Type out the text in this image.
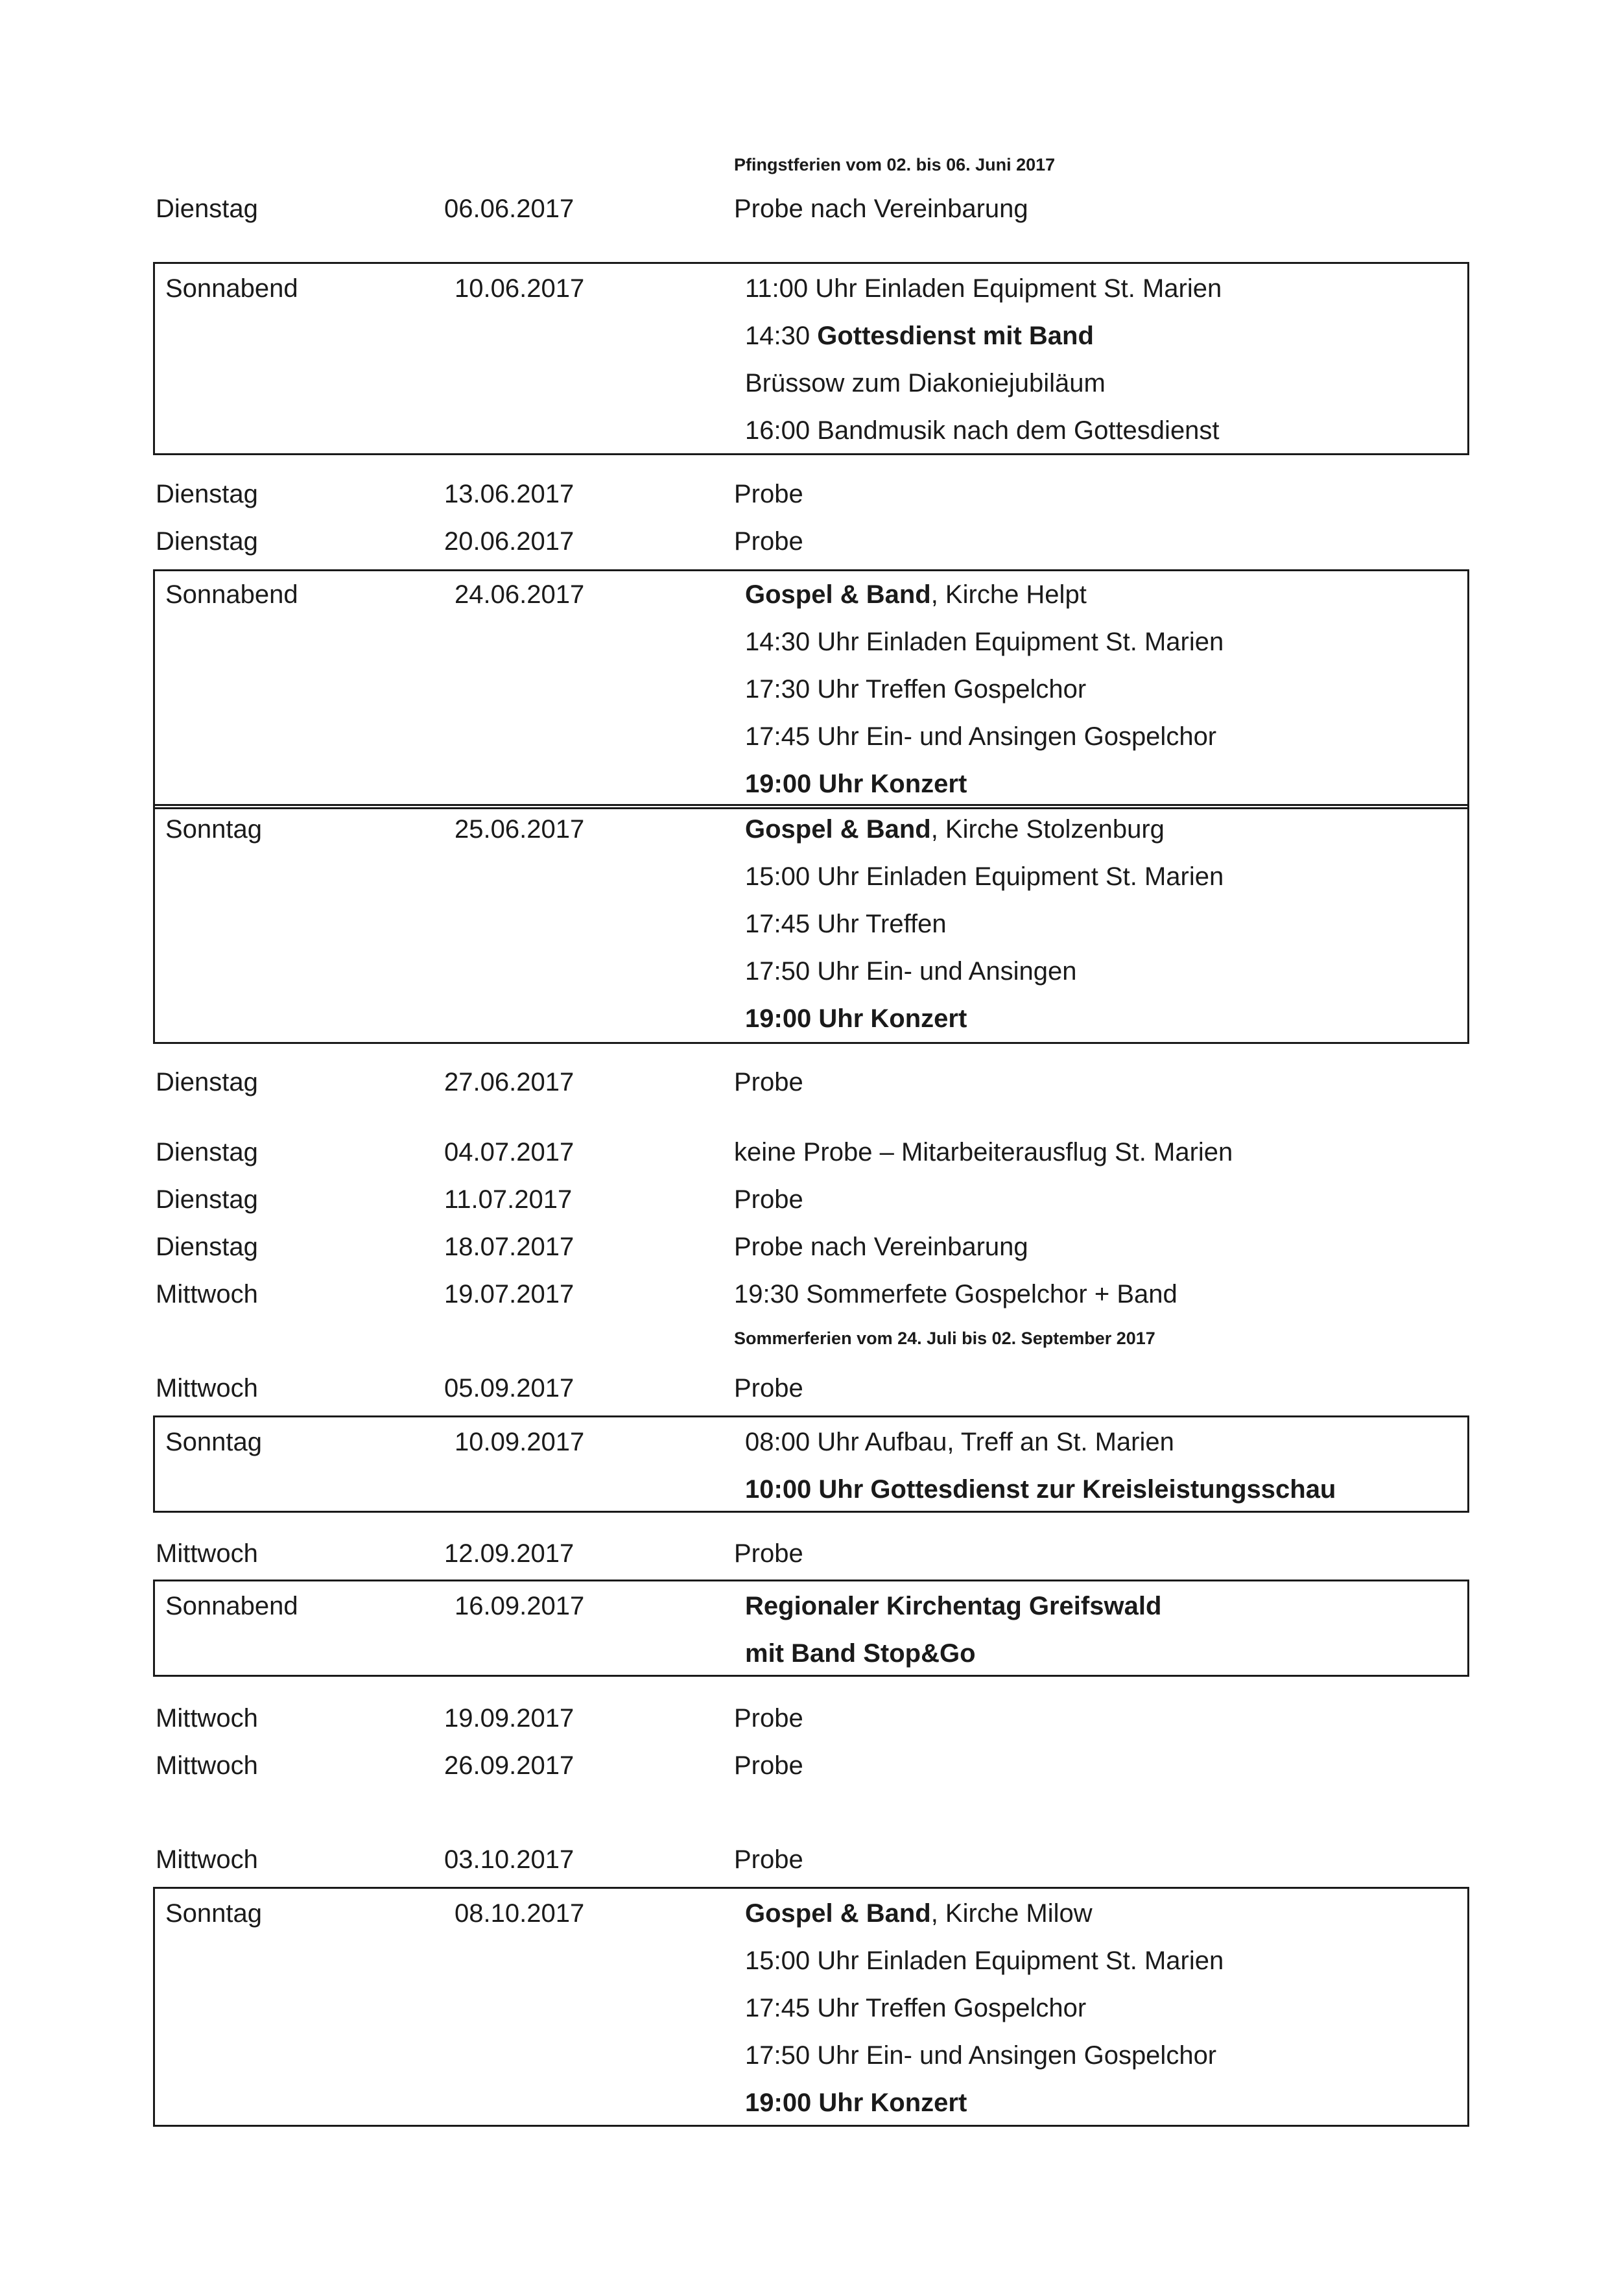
Pfingstferien vom 02. bis 06. Juni 2017
Dienstag	06.06.2017	Probe nach Vereinbarung
Sonnabend	10.06.2017	11:00 Uhr Einladen Equipment St. Marien
14:30 Gottesdienst mit Band
Brüssow zum Diakoniejubiläum
16:00 Bandmusik nach dem Gottesdienst
Dienstag	13.06.2017	Probe
Dienstag	20.06.2017	Probe
Sonnabend	24.06.2017	Gospel & Band, Kirche Helpt
14:30 Uhr Einladen Equipment St. Marien
17:30 Uhr Treffen Gospelchor
17:45 Uhr Ein- und Ansingen Gospelchor
19:00 Uhr Konzert
Sonntag	25.06.2017	Gospel & Band, Kirche Stolzenburg
15:00 Uhr Einladen Equipment St. Marien
17:45 Uhr Treffen
17:50 Uhr Ein- und Ansingen
19:00 Uhr Konzert
Dienstag	27.06.2017	Probe
Dienstag	04.07.2017	keine Probe – Mitarbeiterausflug St. Marien
Dienstag	11.07.2017	Probe
Dienstag	18.07.2017	Probe nach Vereinbarung
Mittwoch	19.07.2017	19:30 Sommerfete Gospelchor + Band
Sommerferien vom 24. Juli bis 02. September 2017
Mittwoch	05.09.2017	Probe
Sonntag	10.09.2017	08:00 Uhr Aufbau, Treff an St. Marien
10:00 Uhr Gottesdienst zur Kreisleistungsschau
Mittwoch	12.09.2017	Probe
Sonnabend	16.09.2017	Regionaler Kirchentag Greifswald
mit Band Stop&Go
Mittwoch	19.09.2017	Probe
Mittwoch	26.09.2017	Probe
Mittwoch	03.10.2017	Probe
Sonntag	08.10.2017	Gospel & Band, Kirche Milow
15:00 Uhr Einladen Equipment St. Marien
17:45 Uhr Treffen Gospelchor
17:50 Uhr Ein- und Ansingen Gospelchor
19:00 Uhr Konzert
